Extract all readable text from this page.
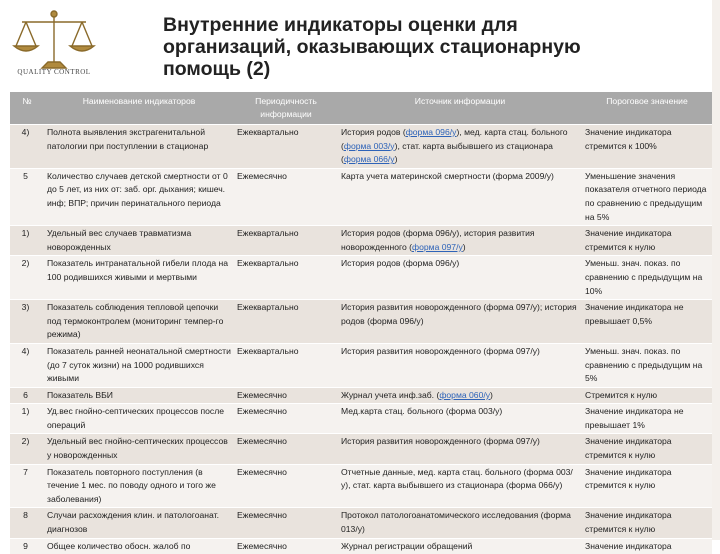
QUALITY CONTROL
Внутренние индикаторы оценки для
организаций, оказывающих стационарную
помощь (2)
№	Наименование индикаторов	Периодичность информации	Источник информации	Пороговое значение
4)	Полнота выявления экстрагенитальной патологии при поступлении в стационар	Ежеквартально	История родов (форма 096/у), мед. карта стац. больного (форма 003/у), стат. карта выбывшего из стационара (форма 066/у)	Значение индикатора стремится к 100%
5	Количество случаев детской смертности от 0 до 5 лет, из них от: заб. орг. дыхания; кишеч. инф; ВПР; причин перинатального периода	Ежемесячно	Карта учета материнской смертности (форма 2009/у)	Уменьшение значения показателя отчетного периода по сравнению с предыдущим на 5%
1)	Удельный вес случаев травматизма новорожденных	Ежеквартально	История родов (форма 096/у), история развития новорожденного (форма 097/у)	Значение индикатора стремится к нулю
2)	Показатель интранатальной гибели плода на 100 родившихся живыми и мертвыми	Ежеквартально	История родов (форма 096/у)	Уменьш. знач. показ. по сравнению с предыдущим на 10%
3)	Показатель соблюдения тепловой цепочки под термоконтролем (мониторинг темпер-го режима)	Ежеквартально	История развития новорожденного (форма 097/у); история родов (форма 096/у)	Значение индикатора не превышает 0,5%
4)	Показатель ранней неонатальной смертности (до 7 суток жизни) на 1000 родившихся живыми	Ежеквартально	История развития новорожденного (форма 097/у)	Уменьш. знач. показ. по сравнению с предыдущим на 5%
6	Показатель ВБИ	Ежемесячно	Журнал учета инф.заб. (форма 060/у)	Стремится к нулю
1)	Уд.вес гнойно-септических процессов после операций	Ежемесячно	Мед.карта стац. больного (форма 003/у)	Значение индикатора не превышает 1%
2)	Удельный вес гнойно-септических процессов у новорожденных	Ежемесячно	История развития новорожденного (форма 097/у)	Значение индикатора стремится к нулю
7	Показатель повторного поступления (в течение 1 мес. по поводу одного и того же заболевания)	Ежемесячно	Отчетные данные, мед. карта стац. больного (форма 003/у), стат. карта выбывшего из стационара (форма 066/у)	Значение индикатора стремится к нулю
8	Случаи расхождения клин. и патологоанат. диагнозов	Ежемесячно	Протокол патологоанатомического исследования (форма 013/у)	Значение индикатора стремится к нулю
9	Общее количество обосн. жалоб по	Ежемесячно	Журнал регистрации обращений	Значение индикатора
